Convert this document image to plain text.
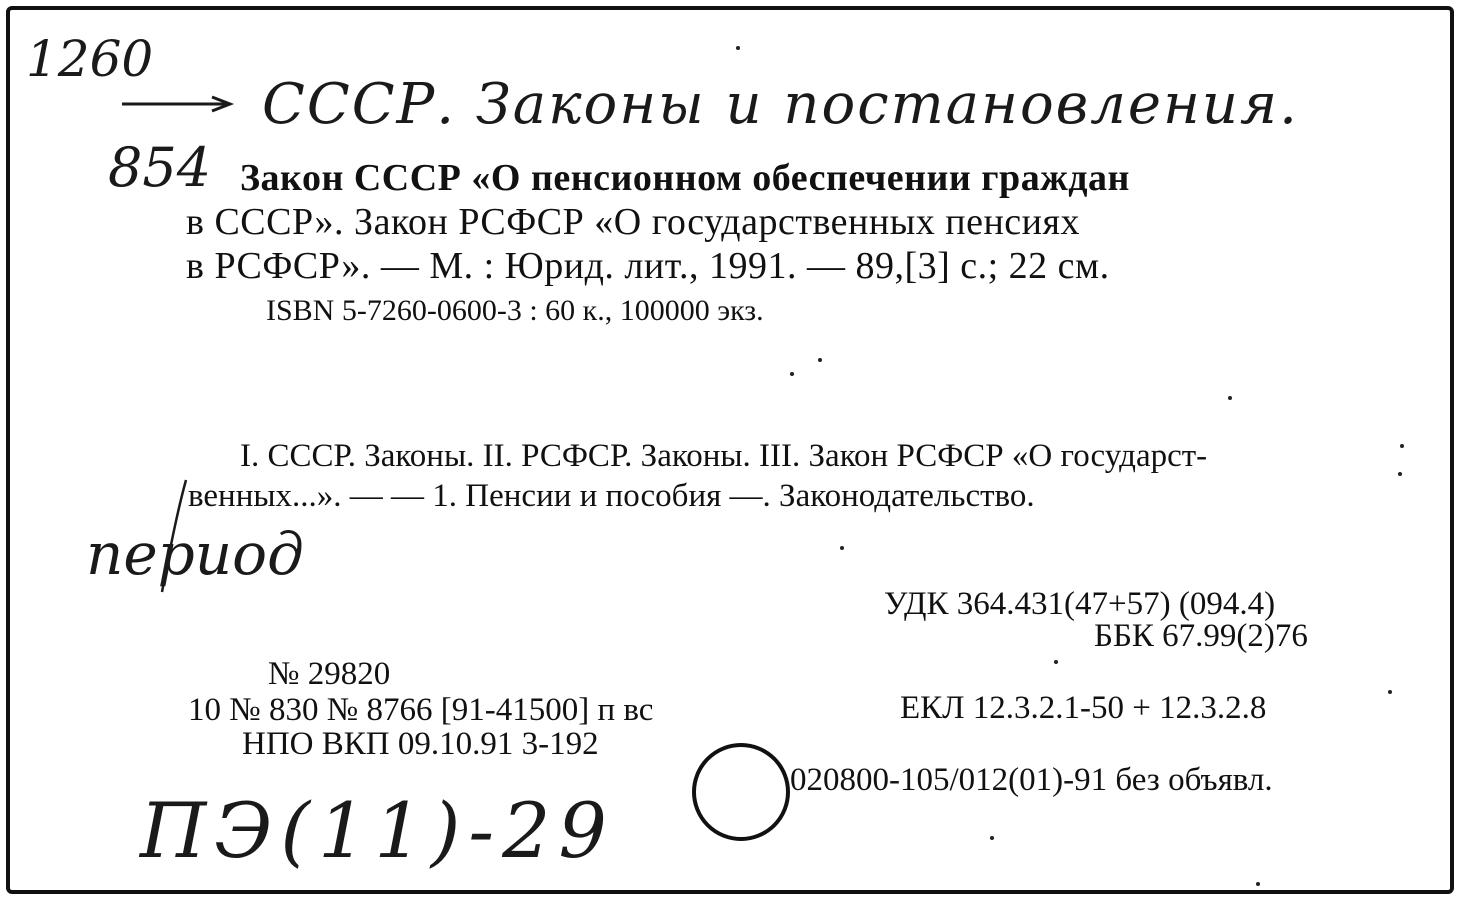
1260
СССР. Законы и постановления.
854 Закон СССР «О пенсионном обеспечении граждан
в СССР». Закон РСФСР «О государственных пенсиях
в РСФСР». — М. : Юрид. лит., 1991. — 89,[3] с.; 22 см.
ISBN 5-7260-0600-3 : 60 к., 100000 экз.
I. СССР. Законы. II. РСФСР. Законы. III. Закон РСФСР «О государст-
венных...». — — 1. Пенсии и пособия —. Законодательство.
период
УДК 364.431(47+57) (094.4)
ББК 67.99(2)76
ЕКЛ 12.3.2.1-50 + 12.3.2.8
№ 29820
10 № 830 № 8766 [91-41500] п вс
НПО ВКП 09.10.91 3-192
020800-105/012(01)-91 без объявл.
ПЭ(11)-29
